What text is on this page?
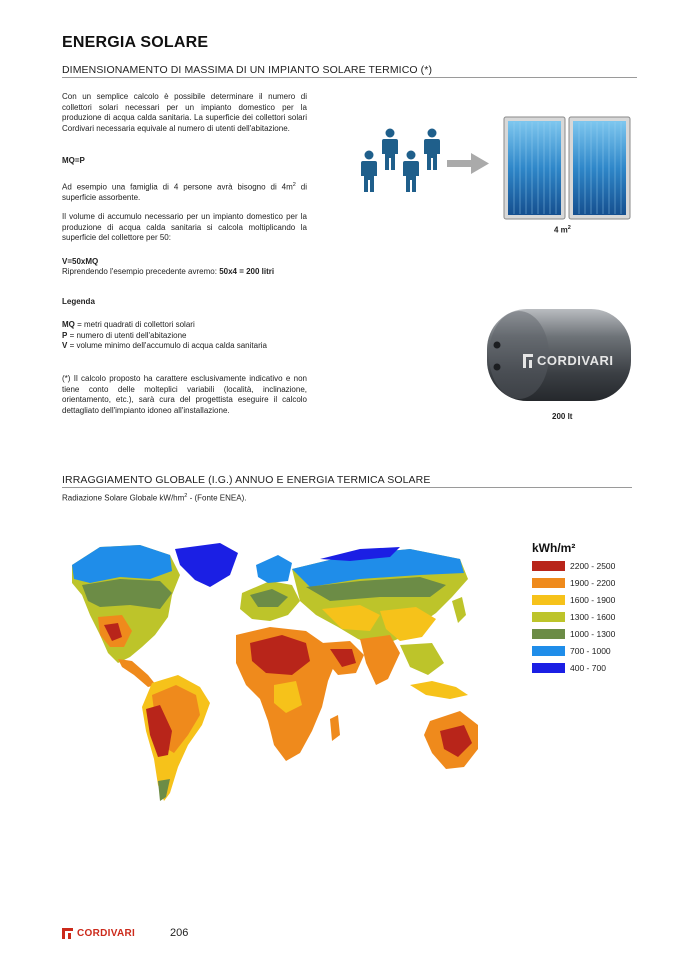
ENERGIA SOLARE
DIMENSIONAMENTO DI MASSIMA DI UN IMPIANTO SOLARE TERMICO (*)
Con un semplice calcolo è possibile determinare il numero di collettori solari necessari per un impianto domestico per la produzione di acqua calda sanitaria. La superficie dei collettori solari Cordivari necessaria equivale al numero di utenti dell'abitazione.
MQ=P
Ad esempio una famiglia di 4 persone avrà bisogno di $4m^2$ di superficie assorbente.
Il volume di accumulo necessario per un impianto domestico per la produzione di acqua calda sanitaria si calcola moltiplicando la superficie del collettore per 50:
V=50xMQ
Riprendendo l'esempio precedente avremo: 50x4 = 200 litri
Legenda
MQ = metri quadrati di collettori solari
P = numero di utenti dell'abitazione
V = volume minimo dell'accumulo di acqua calda sanitaria
(*) Il calcolo proposto ha carattere esclusivamente indicativo e non tiene conto delle molteplici variabili (località, inclinazione, orientamento, etc.), sarà cura del progettista eseguire il calcolo dettagliato dell'impianto idoneo all'installazione.
4 $m^2$
CORDIVARI
200 lt
IRRAGGIAMENTO GLOBALE (I.G.) ANNUO E ENERGIA TERMICA SOLARE
Radiazione Solare Globale $kW/hm^2$ - (Fonte ENEA).
kWh/m²
2200 - 2500
1900 - 2200
1600 - 1900
1300 - 1600
1000 - 1300
700 - 1000
400 - 700
CORDIVARI	206
